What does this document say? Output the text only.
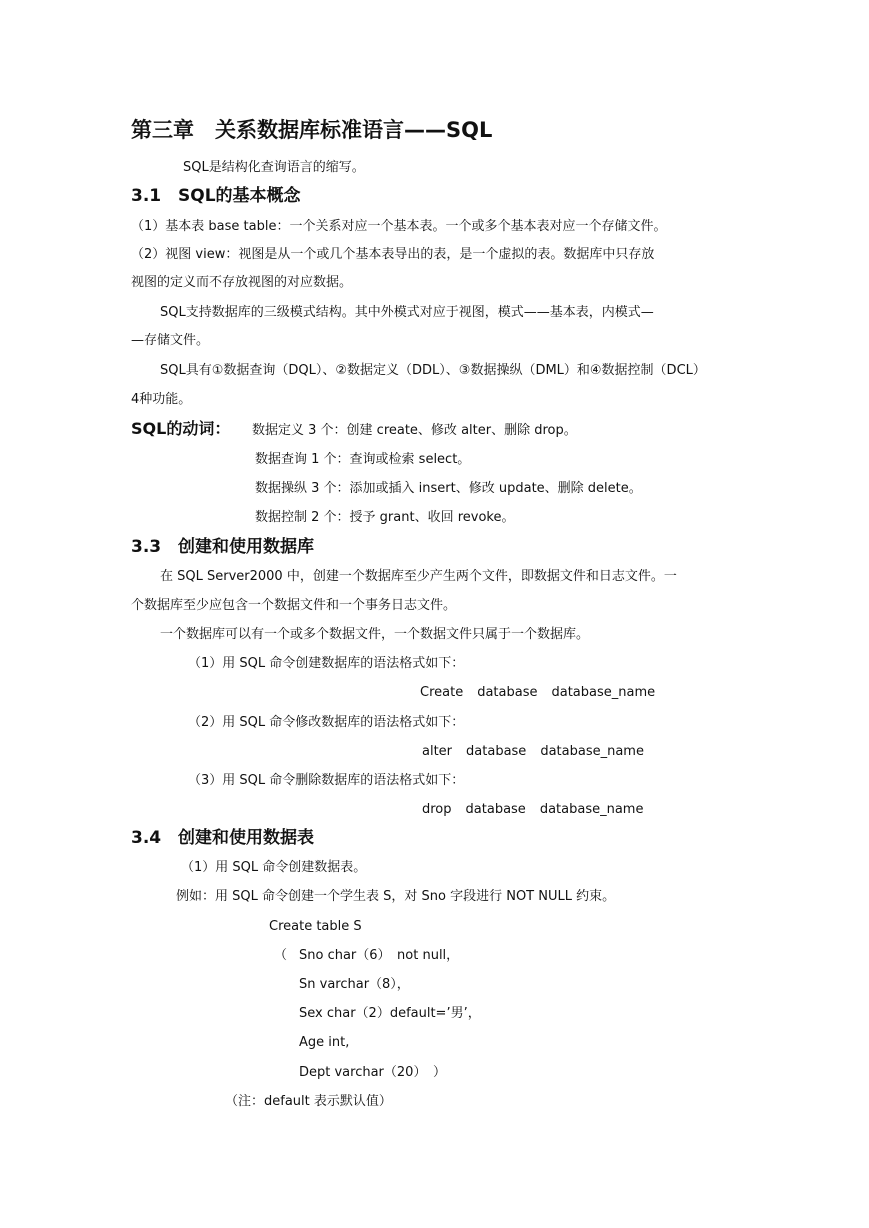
第三章　关系数据库标准语言——SQL
SQL是结构化查询语言的缩写。
3.1 SQL的基本概念
（1）基本表 base table：一个关系对应一个基本表。一个或多个基本表对应一个存储文件。
（2）视图 view：视图是从一个或几个基本表导出的表，是一个虚拟的表。数据库中只存放
视图的定义而不存放视图的对应数据。
SQL支持数据库的三级模式结构。其中外模式对应于视图，模式——基本表，内模式—
—存储文件。
SQL具有①数据查询（DQL）、②数据定义（DDL）、③数据操纵（DML）和④数据控制（DCL）
4种功能。
SQL的动词： 数据定义 3 个：创建 create、修改 alter、删除 drop。
数据查询 1 个：查询或检索 select。
数据操纵 3 个：添加或插入 insert、修改 update、删除 delete。
数据控制 2 个：授予 grant、收回 revoke。
3.3 创建和使用数据库
在 SQL Server2000 中，创建一个数据库至少产生两个文件，即数据文件和日志文件。一
个数据库至少应包含一个数据文件和一个事务日志文件。
一个数据库可以有一个或多个数据文件，一个数据文件只属于一个数据库。
（1）用 SQL 命令创建数据库的语法格式如下：
Create database database_name
（2）用 SQL 命令修改数据库的语法格式如下：
alter database database_name
（3）用 SQL 命令删除数据库的语法格式如下：
drop database database_name
3.4 创建和使用数据表
（1）用 SQL 命令创建数据表。
例如：用 SQL 命令创建一个学生表 S，对 Sno 字段进行 NOT NULL 约束。
Create table S
（ Sno char（6）　not null，
Sn varchar（8），
Sex char（2）default=’男’，
Age int,
Dept varchar（20）　）
（注：default 表示默认值）
